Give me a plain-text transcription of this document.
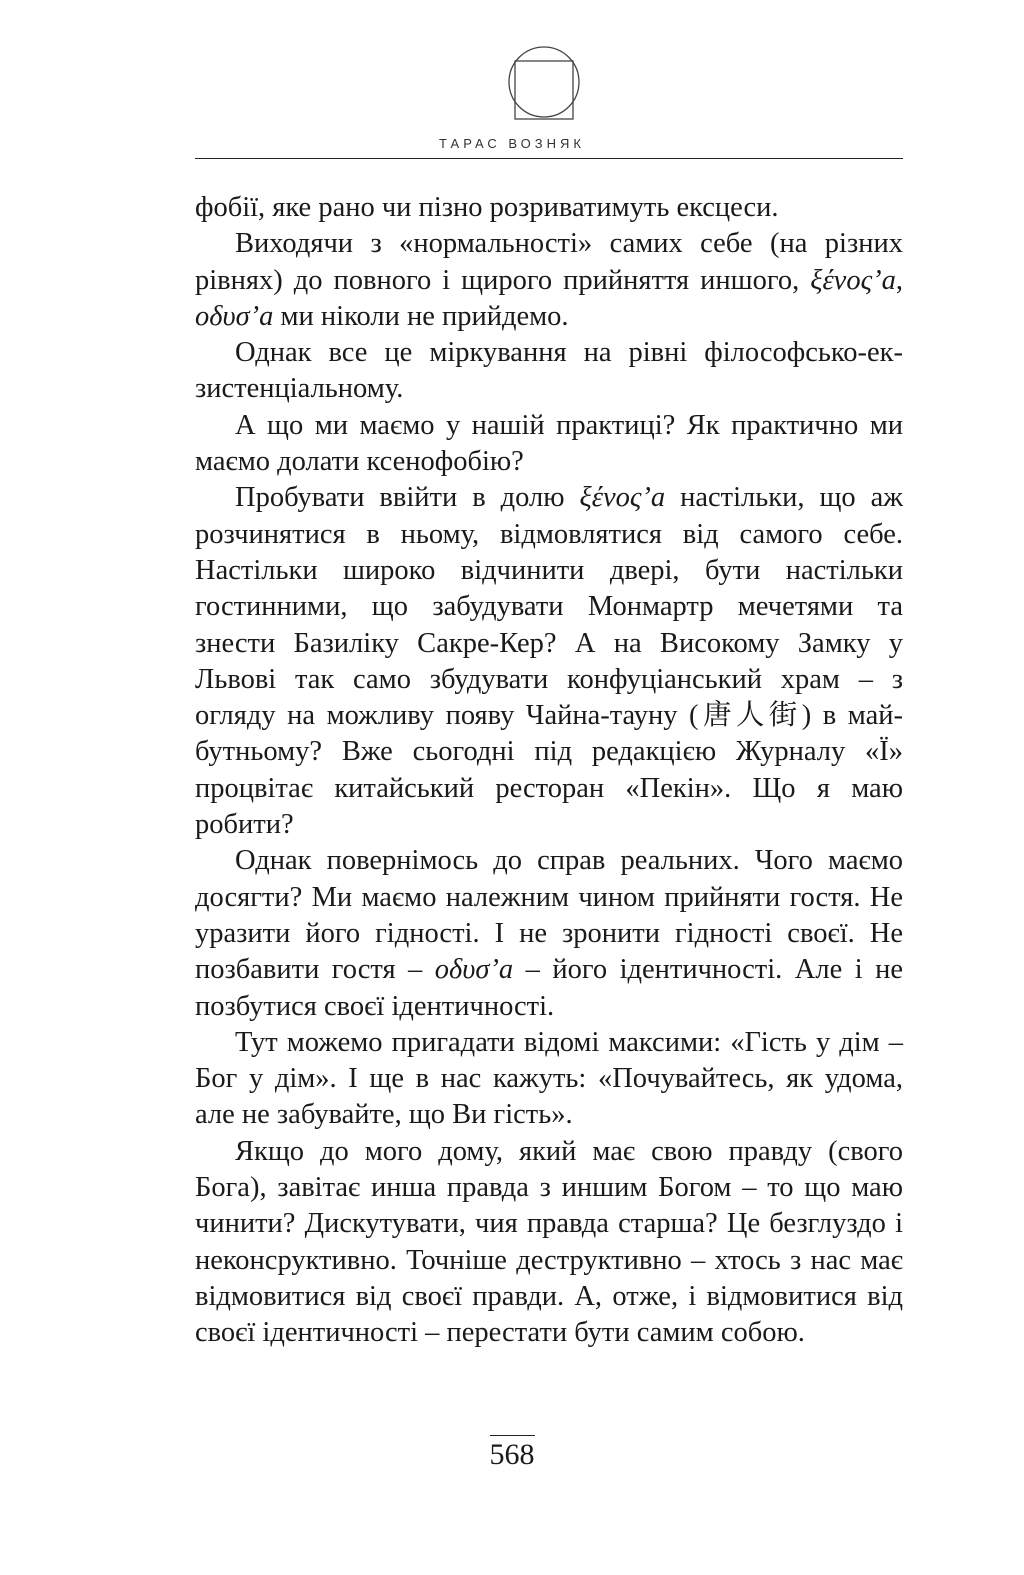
ТАРАС ВОЗНЯК

фобії, яке рано чи пізно розриватимуть ексцеси.

Виходячи з «нормальності» самих себе (на різних рівнях) до повного і щирого прийняття иншого, ξένος’а, οδυσ’а ми ніколи не прийдемо.

Однак все це міркування на рівні філософсько-екзистенціальному.

А що ми маємо у нашій практиці? Як практично ми маємо долати ксенофобію?

Пробувати ввійти в долю ξένος’а настільки, що аж розчинятися в ньому, відмовлятися від самого себе. Настільки широко відчинити двері, бути настільки гостинними, що забудувати Монмартр мечетями та знести Базиліку Сакре-Кер? А на Високому Замку у Львові так само збудувати конфуціанський храм – з огляду на можливу появу Чайна-тауну (唐人街) в майбутньому? Вже сьогодні під редакцією Журналу «Ї» процвітає китайський ресторан «Пекін». Що я маю робити?

Однак повернімось до справ реальних. Чого маємо досягти? Ми маємо належним чином прийняти гостя. Не уразити його гідності. І не зронити гідності своєї. Не позбавити гостя – οδυσ’а – його ідентичності. Але і не позбутися своєї ідентичності.

Тут можемо пригадати відомі максими: «Гість у дім – Бог у дім». І ще в нас кажуть: «Почувайтесь, як удома, але не забувайте, що Ви гість».

Якщо до мого дому, який має свою правду (свого Бога), завітає инша правда з иншим Богом – то що маю чинити? Дискутувати, чия правда старша? Це безглуздо і неконсруктивно. Точніше деструктивно – хтось з нас має відмовитися від своєї правди. А, отже, і відмовитися від своєї ідентичності – перестати бути самим собою.

568
